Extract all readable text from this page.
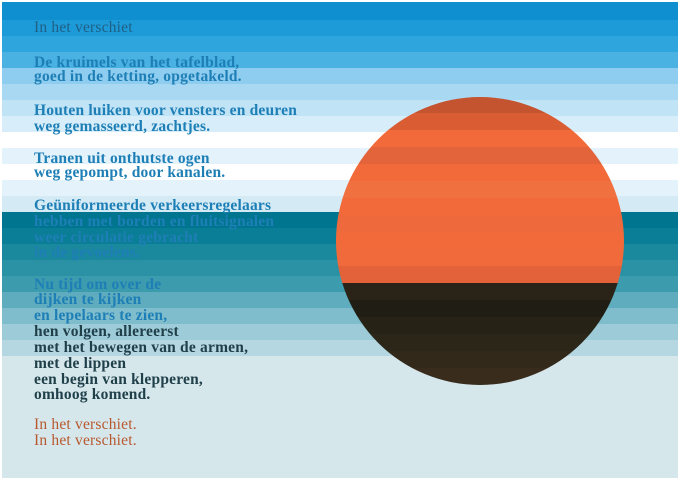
In het verschiet
De kruimels van het tafelblad,
goed in de ketting, opgetakeld.
Houten luiken voor vensters en deuren
weg gemasseerd, zachtjes.
Tranen uit onthutste ogen
weg gepompt, door kanalen.
Geüniformeerde verkeersregelaars
hebben met borden en fluitsignalen
weer circulatie gebracht
in de gevoelens.
Nu tijd om over de
dijken te kijken
en lepelaars te zien,
hen volgen, allereerst
met het bewegen van de armen,
met de lippen
een begin van klepperen,
omhoog komend.
In het verschiet.
In het verschiet.
